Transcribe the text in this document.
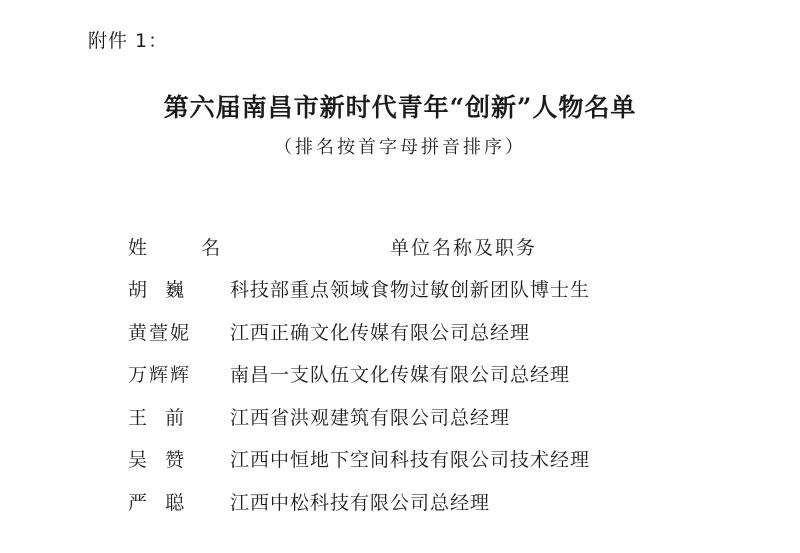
附件 1：
第六届南昌市新时代青年“创新”人物名单
（排名按首字母拼音排序）
姓  名	单位名称及职务
胡  巍	科技部重点领域食物过敏创新团队博士生
黄萱妮	江西正确文化传媒有限公司总经理
万辉辉	南昌一支队伍文化传媒有限公司总经理
王  前	江西省洪观建筑有限公司总经理
吴  赞	江西中恒地下空间科技有限公司技术经理
严  聪	江西中松科技有限公司总经理
